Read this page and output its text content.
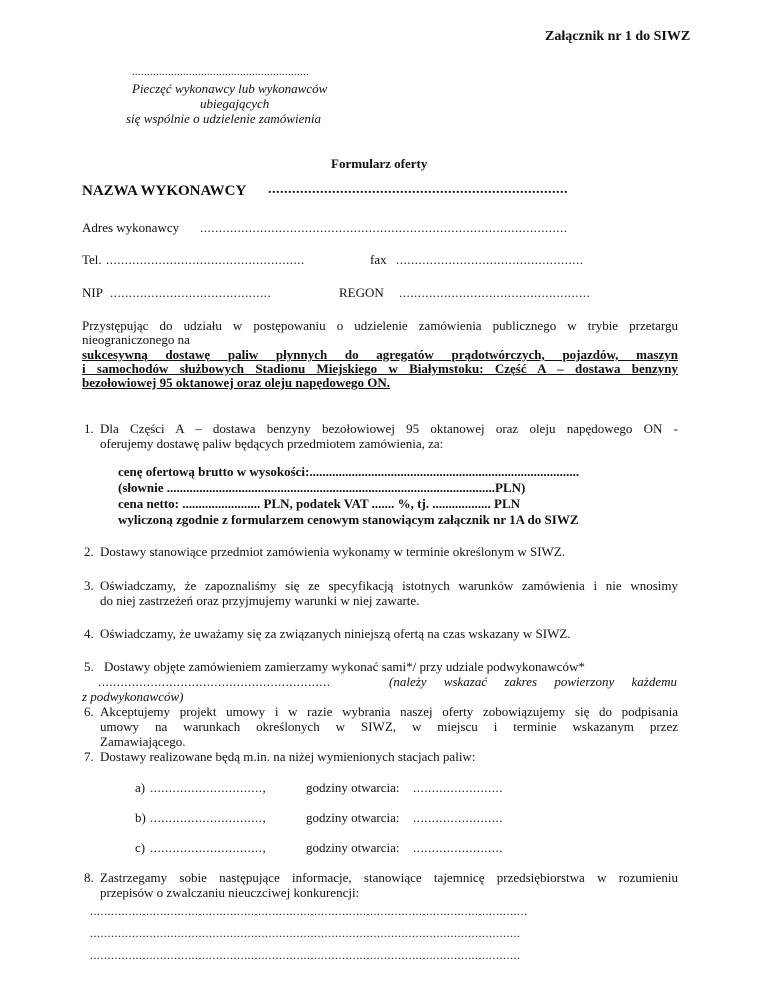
Załącznik nr 1 do SIWZ
...........................................................
Pieczęć wykonawcy lub wykonawców
ubiegających
się wspólnie o udzielenie zamówienia
Formularz oferty
NAZWA WYKONAWCY ...........................................................................
Adres wykonawcy ..................................................................................................
Tel. .....................................................	fax ..................................................
NIP ...........................................	REGON ...................................................
Przystępując do udziału w postępowaniu o udzielenie zamówienia publicznego w trybie przetargu
nieograniczonego na
sukcesywną dostawę paliw płynnych do agregatów prądotwórczych, pojazdów, maszyn
i samochodów służbowych Stadionu Miejskiego w Białymstoku: Część A – dostawa benzyny
bezołowiowej 95 oktanowej oraz oleju napędowego ON.
1. Dla Części A – dostawa benzyny bezołowiowej 95 oktanowej oraz oleju napędowego ON -
oferujemy dostawę paliw będących przedmiotem zamówienia, za:
cenę ofertową brutto w wysokości:...................................................................................
(słownie .....................................................................................................PLN)
cena netto: ........................ PLN, podatek VAT ....... %, tj. .................. PLN
wyliczoną zgodnie z formularzem cenowym stanowiącym załącznik nr 1A do SIWZ
2. Dostawy stanowiące przedmiot zamówienia wykonamy w terminie określonym w SIWZ.
3. Oświadczamy, że zapoznaliśmy się ze specyfikacją istotnych warunków zamówienia i nie wnosimy
do niej zastrzeżeń oraz przyjmujemy warunki w niej zawarte.
4. Oświadczamy, że uważamy się za związanych niniejszą ofertą na czas wskazany w SIWZ.
5. Dostawy objęte zamówieniem zamierzamy wykonać sami*/ przy udziale podwykonawców*
..............................................................	(należy wskazać zakres powierzony każdemu
z podwykonawców)
6. Akceptujemy projekt umowy i w razie wybrania naszej oferty zobowiązujemy się do podpisania
umowy na warunkach określonych w SIWZ, w miejscu i terminie wskazanym przez
Zamawiającego.
7. Dostawy realizowane będą m.in. na niżej wymienionych stacjach paliw:
a) ..............................,	godziny otwarcia: ........................
b) ..............................,	godziny otwarcia: ........................
c) ..............................,	godziny otwarcia: ........................
8. Zastrzegamy sobie następujące informacje, stanowiące tajemnicę przedsiębiorstwa w rozumieniu
przepisów o zwalczaniu nieuczciwej konkurencji:
.............................................................................................................................
...........................................................................................................................
...........................................................................................................................
